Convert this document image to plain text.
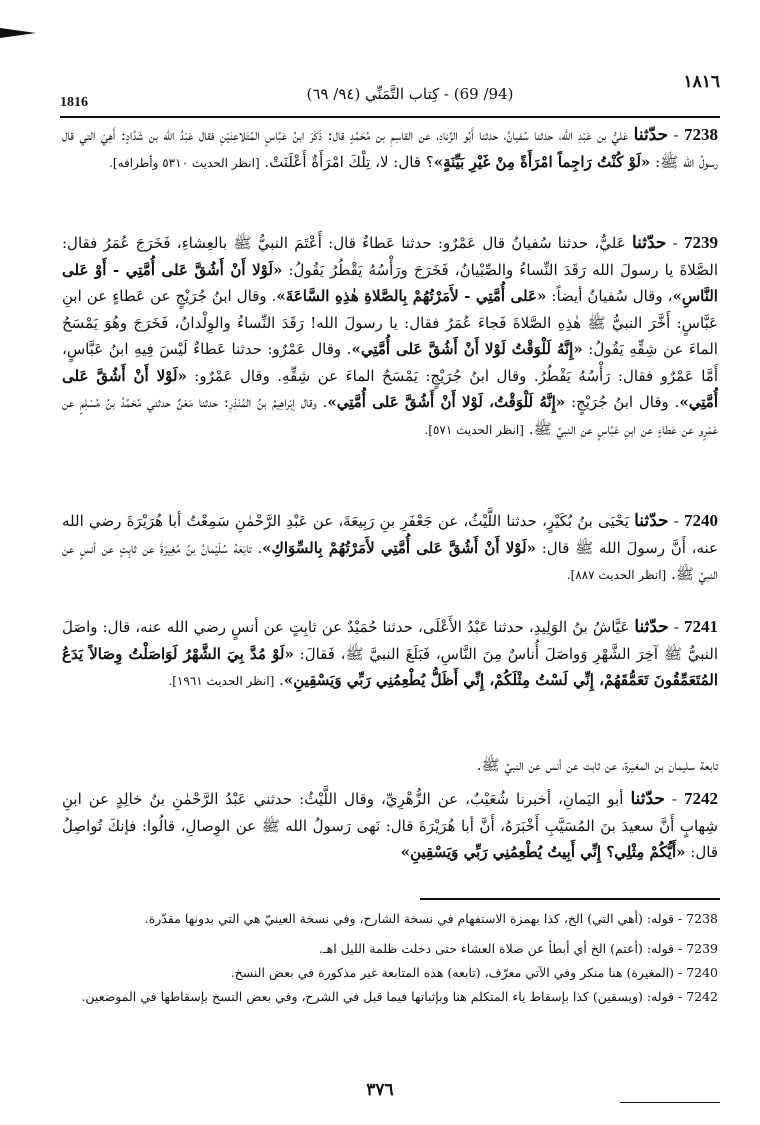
١٨١٦
(94/ 69) - كِتاب التَّمَنِّي (٩٤/ ٦٩)
1816
7238 - حدّثنا عَليُّ بن عَبْدِ الله، حدثنا سُفيانُ، حدثنا أَبُو الزِّنادِ، عن القاسِمِ بن مُحَمَّدٍ قال: ذَكَرَ ابنُ عَبَّاسٍ المُتَلاعِنَيْنِ فقال عَبْدُ الله بن شَدَّادٍ: أَهِيَ التي قال رسولُ الله ﷺ: «لَوْ كُنْتُ رَاجِماً امْرَأَةً مِنْ غَيْرِ بَيِّنَةٍ»؟ قال: لا، تِلْكَ امْرَأَةٌ أَعْلَنَتْ. [انظر الحديث ٥٣١٠ وأطرافه].
7239 - حدّثنا عَليٌّ، حدثنا سُفيانُ قال عَمْرٌو: حدثنا عَطاءٌ قال: أَعْتَمَ النبيُّ ﷺ بالعِشاءِ، فَخَرَجَ عُمَرُ فقال: الصَّلاةَ يا رسولَ الله رَقَدَ النِّساءُ والصِّبْيانُ، فَخَرَجَ ورَأْسُهُ يَقْطُرُ يَقُولُ: «لَوْلا أَنْ أَشُقَّ عَلى أُمَّتِي - أَوْ عَلى النَّاسِ»، وقال سُفيانُ أيضاً: «عَلى أُمَّتِي - لأَمَرْتُهُمْ بِالصَّلاةِ هٰذِهِ السَّاعَةَ». وقال ابنُ جُرَيْجٍ عن عَطاءٍ عن ابنِ عَبَّاسٍ: أَخَّرَ النبيُّ ﷺ هٰذِهِ الصَّلاةَ فَجاءَ عُمَرُ فقال: يا رسولَ الله! رَقَدَ النِّساءُ والوِلْدانُ، فَخَرَجَ وهُوَ يَمْسَحُ الماءَ عن شِقِّهِ يَقُولُ: «إِنَّهُ لَلْوَقْتُ لَوْلا أَنْ أَشُقَّ عَلى أُمَّتِي». وقال عَمْرٌو: حدثنا عَطاءٌ لَيْسَ فِيهِ ابنُ عَبَّاسٍ، أَمَّا عَمْرٌو فقال: رَأْسُهُ يَقْطُرُ. وقال ابنُ جُرَيْجٍ: يَمْسَحُ الماءَ عن شِقِّهِ. وقال عَمْرٌو: «لَوْلا أَنْ أَشُقَّ عَلى أُمَّتِي». وقال ابنُ جُرَيْجٍ: «إِنَّهُ لَلْوَقْتُ، لَوْلا أَنْ أَشُقَّ عَلى أُمَّتِي». وقال إبْراهِيمُ بنُ المُنْذِرِ: حدثنا مَعْنٌ حدثني مُحَمَّدُ بنُ مُسْلِمٍ عن عَمْرٍو عن عَطاءٍ عن ابنِ عَبَّاسٍ عن النبيِّ ﷺ. [انظر الحديث ٥٧١].
7240 - حدّثنا يَحْيَى بنُ بُكَيْرٍ، حدثنا اللَّيْثُ، عن جَعْفَرِ بنِ رَبِيعَةَ، عن عَبْدِ الرَّحْمٰنِ سَمِعْتُ أبا هُرَيْرَةَ رضي الله عنه، أَنَّ رسولَ الله ﷺ قال: «لَوْلا أَنْ أَشُقَّ عَلى أُمَّتِي لأَمَرْتُهُمْ بِالسِّوَاكِ». تابَعَهُ سُلَيْمانُ بنُ مُغِيرَةَ عن ثابِتٍ عن أنسٍ عن النبيِّ ﷺ. [انظر الحديث ٨٨٧].
7241 - حدّثنا عَيَّاشُ بنُ الوَلِيدِ، حدثنا عَبْدُ الأَعْلَى، حدثنا حُمَيْدٌ عن ثابِتٍ عن أنسٍ رضي الله عنه، قال: واصَلَ النبيُّ ﷺ آخِرَ الشَّهْرِ وَواصَلَ أُناسٌ مِنَ النَّاسِ، فَبَلَغَ النبيَّ ﷺ، فَقالَ: «لَوْ مُدَّ بِيَ الشَّهْرُ لَوَاصَلْتُ وِصَالاً يَدَعُ المُتَعَمِّقُونَ تَعَمُّقَهُمْ، إِنِّي لَسْتُ مِثْلَكُمْ، إِنِّي أَظَلُّ يُطْعِمُنِي رَبِّي وَيَسْقِينِ». [انظر الحديث ١٩٦١].
تابعة سليمان بن المغيرة، عن ثابت عن أنس عن النبيِّ ﷺ.
7242 - حدّثنا أبو اليَمانِ، أخبرنا شُعَيْبٌ، عن الزُّهْرِيِّ، وقال اللَّيْثُ: حدثني عَبْدُ الرَّحْمٰنِ بنُ خالِدٍ عن ابنِ شِهابٍ أَنَّ سعيدَ بنَ المُسَيَّبِ أَخْبَرَهُ، أَنَّ أبا هُرَيْرَةَ قال: نَهى رَسولُ الله ﷺ عن الوِصالِ، قالُوا: فإنكَ تُواصِلُ قال: «أَيُّكُمْ مِثْلِي؟ إِنِّي أَبِيتُ يُطْعِمُنِي رَبِّي وَيَسْقِينِ»
7238 - قوله: (أهي التي) الخ، كذا بهمزة الاستفهام في نسخة الشارح، وفي نسخة العينيّ هي التي بدونها مقدّرة.
7239 - قوله: (أعتم) الخ أي أبطأ عن صلاة العشاء حتى دخلت ظلمة الليل اهـ.
7240 - (المغيرة) هنا منكر وفي الآتي معرّف، (تابعه) هذه المتابعة غير مذكورة في بعض النسخ.
7242 - قوله: (ويسقين) كذا بإسقاط ياء المتكلم هنا وبإثباتها فيما قبل في الشرح، وفي بعض النسخ بإسقاطها في الموضعين.
٣٧٦
